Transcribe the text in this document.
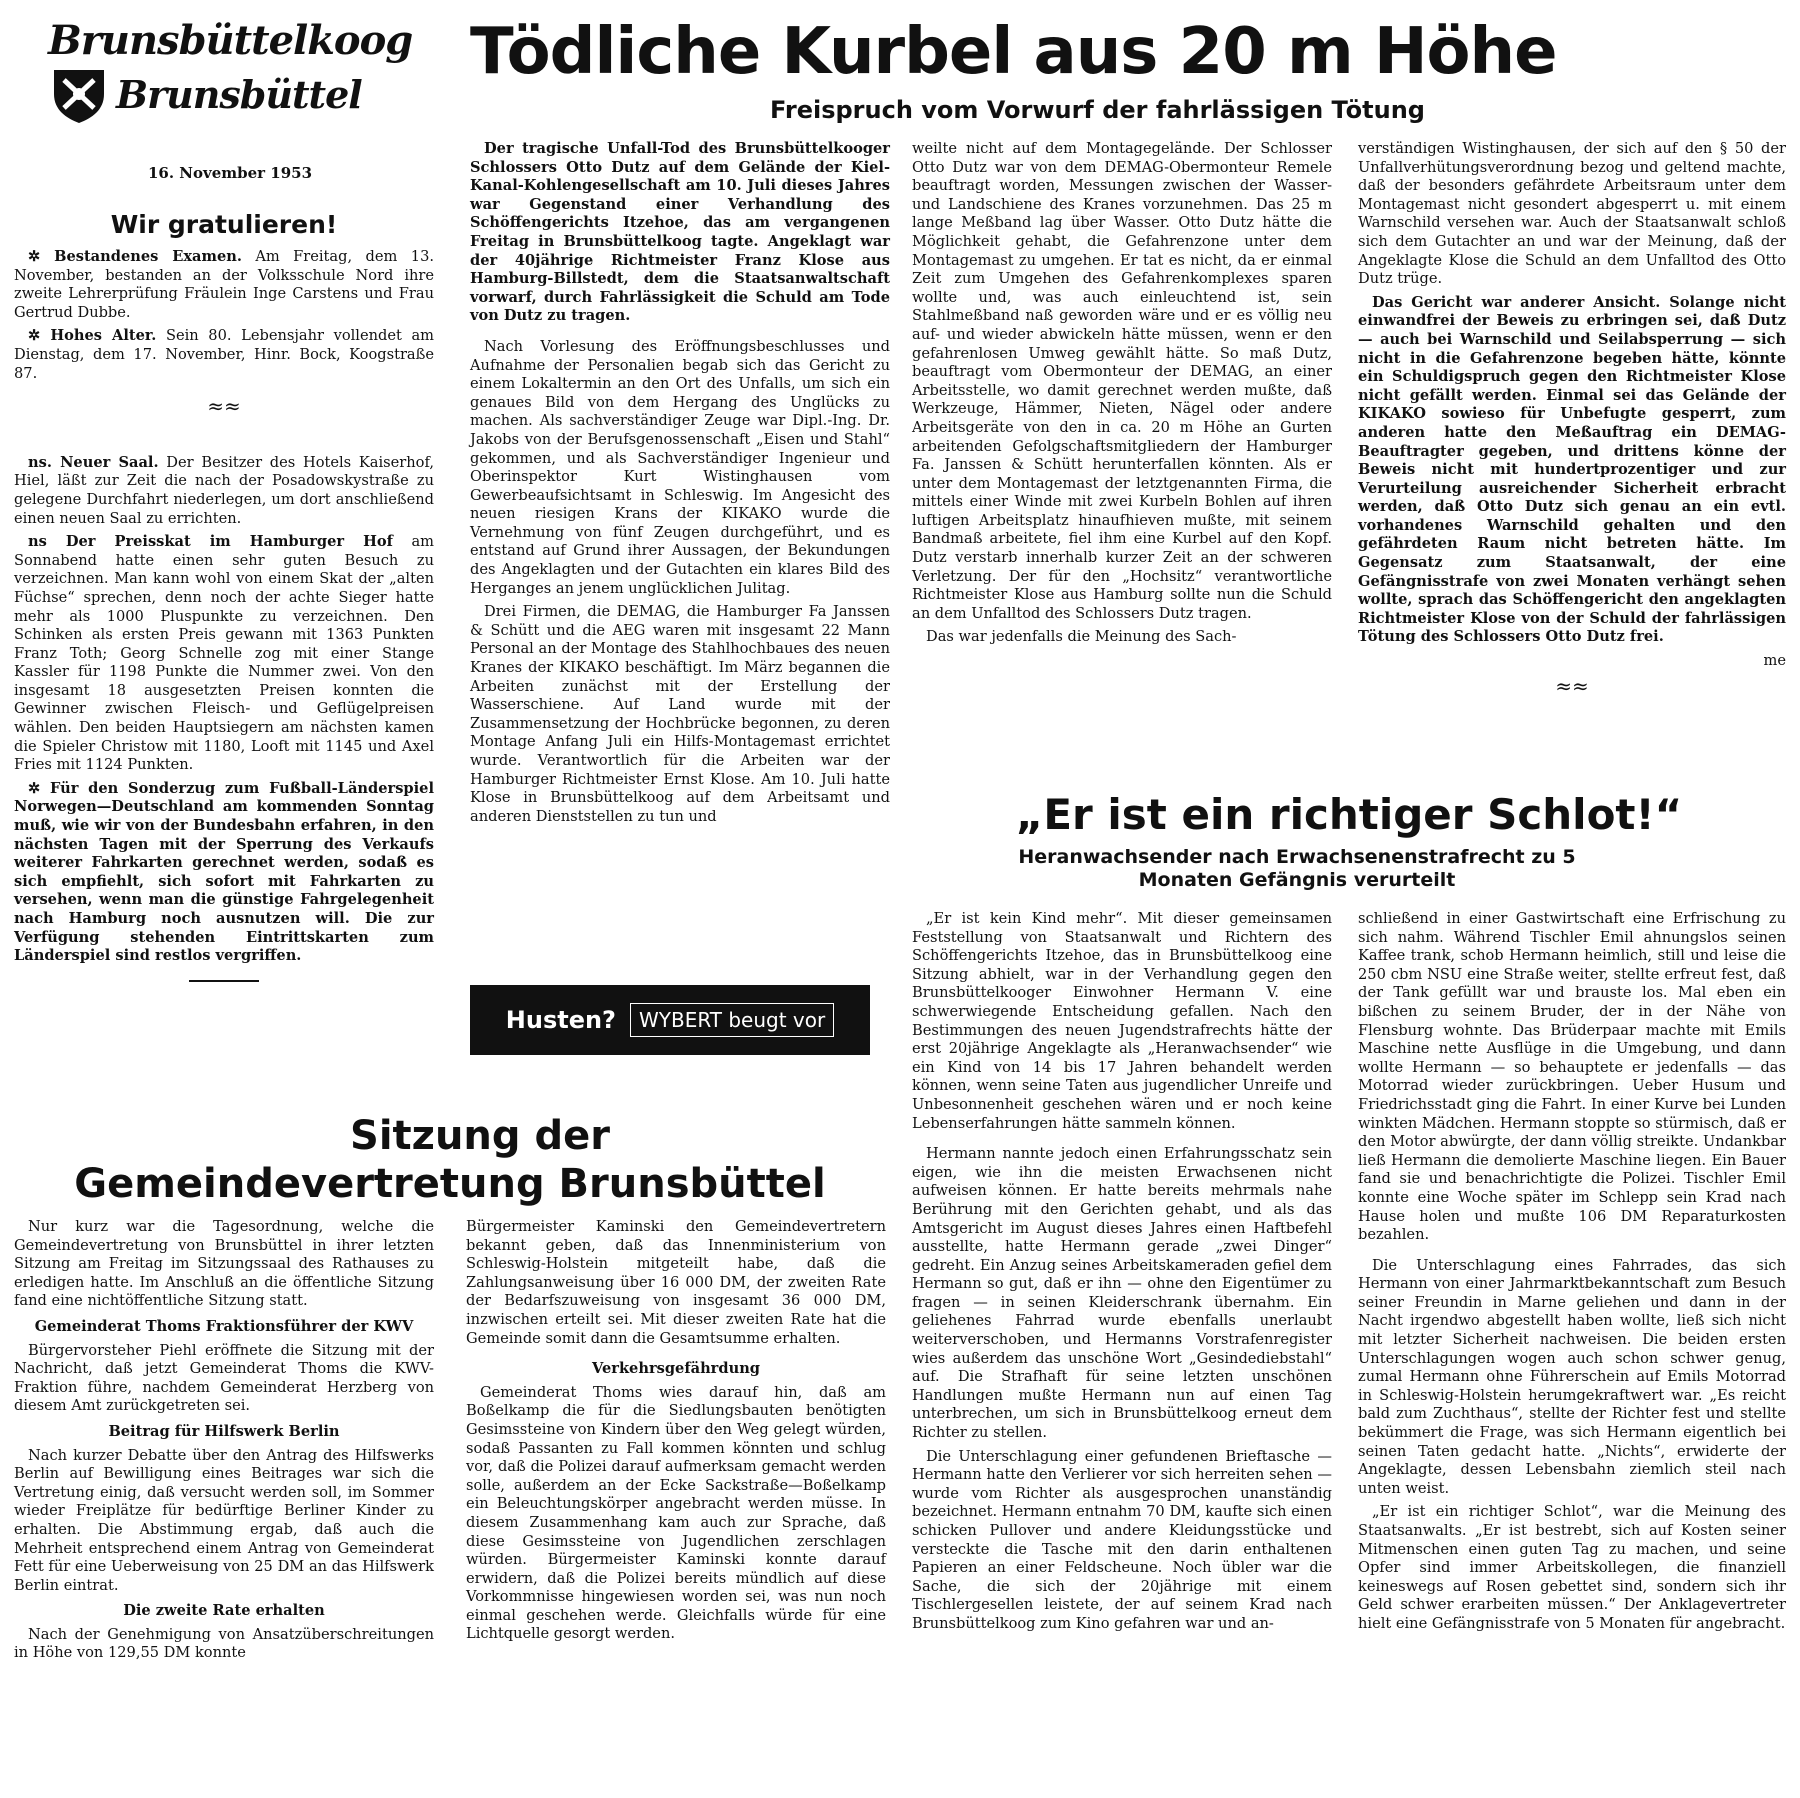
Brunsbüttelkoog
Brunsbüttel
16. November 1953
Wir gratulieren!

✲ Bestandenes Examen. Am Freitag, dem 13. November, bestanden an der Volksschule Nord ihre zweite Lehrerprüfung Fräulein Inge Carstens und Frau Gertrud Dubbe.

✲ Hohes Alter. Sein 80. Lebensjahr vollendet am Dienstag, dem 17. November, Hinr. Bock, Koogstraße 87.

≈≈

ns. Neuer Saal. Der Besitzer des Hotels Kaiserhof, Hiel, läßt zur Zeit die nach der Posadowskystraße zu gelegene Durchfahrt niederlegen, um dort anschließend einen neuen Saal zu errichten.

ns Der Preisskat im Hamburger Hof am Sonnabend hatte einen sehr guten Besuch zu verzeichnen. Man kann wohl von einem Skat der „alten Füchse“ sprechen, denn noch der achte Sieger hatte mehr als 1000 Pluspunkte zu verzeichnen. Den Schinken als ersten Preis gewann mit 1363 Punkten Franz Toth; Georg Schnelle zog mit einer Stange Kassler für 1198 Punkte die Nummer zwei. Von den insgesamt 18 ausgesetzten Preisen konnten die Gewinner zwischen Fleisch- und Geflügelpreisen wählen. Den beiden Hauptsiegern am nächsten kamen die Spieler Christow mit 1180, Looft mit 1145 und Axel Fries mit 1124 Punkten.

✲ Für den Sonderzug zum Fußball-Länderspiel Norwegen—Deutschland am kommenden Sonntag muß, wie wir von der Bundesbahn erfahren, in den nächsten Tagen mit der Sperrung des Verkaufs weiterer Fahrkarten gerechnet werden, sodaß es sich empfiehlt, sich sofort mit Fahrkarten zu versehen, wenn man die günstige Fahrgelegenheit nach Hamburg noch ausnutzen will. Die zur Verfügung stehenden Eintrittskarten zum Länderspiel sind restlos vergriffen.

Tödliche Kurbel aus 20 m Höhe
Freispruch vom Vorwurf der fahrlässigen Tötung

Der tragische Unfall-Tod des Brunsbüttelkooger Schlossers Otto Dutz auf dem Gelände der Kiel-Kanal-Kohlengesellschaft am 10. Juli dieses Jahres war Gegenstand einer Verhandlung des Schöffengerichts Itzehoe, das am vergangenen Freitag in Brunsbüttelkoog tagte. Angeklagt war der 40jährige Richtmeister Franz Klose aus Hamburg-Billstedt, dem die Staatsanwaltschaft vorwarf, durch Fahrlässigkeit die Schuld am Tode von Dutz zu tragen.

Nach Vorlesung des Eröffnungsbeschlusses und Aufnahme der Personalien begab sich das Gericht zu einem Lokaltermin an den Ort des Unfalls, um sich ein genaues Bild von dem Hergang des Unglücks zu machen. Als sachverständiger Zeuge war Dipl.-Ing. Dr. Jakobs von der Berufsgenossenschaft „Eisen und Stahl“ gekommen, und als Sachverständiger Ingenieur und Oberinspektor Kurt Wistinghausen vom Gewerbeaufsichtsamt in Schleswig. Im Angesicht des neuen riesigen Krans der KIKAKO wurde die Vernehmung von fünf Zeugen durchgeführt, und es entstand auf Grund ihrer Aussagen, der Bekundungen des Angeklagten und der Gutachten ein klares Bild des Herganges an jenem unglücklichen Julitag.

Drei Firmen, die DEMAG, die Hamburger Fa Janssen & Schütt und die AEG waren mit insgesamt 22 Mann Personal an der Montage des Stahlhochbaues des neuen Kranes der KIKAKO beschäftigt. Im März begannen die Arbeiten zunächst mit der Erstellung der Wasserschiene. Auf Land wurde mit der Zusammensetzung der Hochbrücke begonnen, zu deren Montage Anfang Juli ein Hilfs-Montagemast errichtet wurde. Verantwortlich für die Arbeiten war der Hamburger Richtmeister Ernst Klose. Am 10. Juli hatte Klose in Brunsbüttelkoog auf dem Arbeitsamt und anderen Dienststellen zu tun und

weilte nicht auf dem Montagegelände. Der Schlosser Otto Dutz war von dem DEMAG-Obermonteur Remele beauftragt worden, Messungen zwischen der Wasser- und Landschiene des Kranes vorzunehmen. Das 25 m lange Meßband lag über Wasser. Otto Dutz hätte die Möglichkeit gehabt, die Gefahrenzone unter dem Montagemast zu umgehen. Er tat es nicht, da er einmal Zeit zum Umgehen des Gefahrenkomplexes sparen wollte und, was auch einleuchtend ist, sein Stahlmeßband naß geworden wäre und er es völlig neu auf- und wieder abwickeln hätte müssen, wenn er den gefahrenlosen Umweg gewählt hätte. So maß Dutz, beauftragt vom Obermonteur der DEMAG, an einer Arbeitsstelle, wo damit gerechnet werden mußte, daß Werkzeuge, Hämmer, Nieten, Nägel oder andere Arbeitsgeräte von den in ca. 20 m Höhe an Gurten arbeitenden Gefolgschaftsmitgliedern der Hamburger Fa. Janssen & Schütt herunterfallen könnten. Als er unter dem Montagemast der letztgenannten Firma, die mittels einer Winde mit zwei Kurbeln Bohlen auf ihren luftigen Arbeitsplatz hinaufhieven mußte, mit seinem Bandmaß arbeitete, fiel ihm eine Kurbel auf den Kopf. Dutz verstarb innerhalb kurzer Zeit an der schweren Verletzung. Der für den „Hochsitz“ verantwortliche Richtmeister Klose aus Hamburg sollte nun die Schuld an dem Unfalltod des Schlossers Dutz tragen.

Das war jedenfalls die Meinung des Sach-

verständigen Wistinghausen, der sich auf den § 50 der Unfallverhütungsverordnung bezog und geltend machte, daß der besonders gefährdete Arbeitsraum unter dem Montagemast nicht gesondert abgesperrt u. mit einem Warnschild versehen war. Auch der Staatsanwalt schloß sich dem Gutachter an und war der Meinung, daß der Angeklagte Klose die Schuld an dem Unfalltod des Otto Dutz trüge.

Das Gericht war anderer Ansicht. Solange nicht einwandfrei der Beweis zu erbringen sei, daß Dutz — auch bei Warnschild und Seilabsperrung — sich nicht in die Gefahrenzone begeben hätte, könnte ein Schuldigspruch gegen den Richtmeister Klose nicht gefällt werden. Einmal sei das Gelände der KIKAKO sowieso für Unbefugte gesperrt, zum anderen hatte den Meßauftrag ein DEMAG-Beauftragter gegeben, und drittens könne der Beweis nicht mit hundertprozentiger und zur Verurteilung ausreichender Sicherheit erbracht werden, daß Otto Dutz sich genau an ein evtl. vorhandenes Warnschild gehalten und den gefährdeten Raum nicht betreten hätte. Im Gegensatz zum Staatsanwalt, der eine Gefängnisstrafe von zwei Monaten verhängt sehen wollte, sprach das Schöffengericht den angeklagten Richtmeister Klose von der Schuld der fahrlässigen Tötung des Schlossers Otto Dutz frei.

me
≈≈
Husten?	WYBERT beugt vor
Sitzung der
Gemeindevertretung Brunsbüttel

Nur kurz war die Tagesordnung, welche die Gemeindevertretung von Brunsbüttel in ihrer letzten Sitzung am Freitag im Sitzungssaal des Rathauses zu erledigen hatte. Im Anschluß an die öffentliche Sitzung fand eine nichtöffentliche Sitzung statt.

Gemeinderat Thoms Fraktionsführer der KWV

Bürgervorsteher Piehl eröffnete die Sitzung mit der Nachricht, daß jetzt Gemeinderat Thoms die KWV-Fraktion führe, nachdem Gemeinderat Herzberg von diesem Amt zurückgetreten sei.

Beitrag für Hilfswerk Berlin

Nach kurzer Debatte über den Antrag des Hilfswerks Berlin auf Bewilligung eines Beitrages war sich die Vertretung einig, daß versucht werden soll, im Sommer wieder Freiplätze für bedürftige Berliner Kinder zu erhalten. Die Abstimmung ergab, daß auch die Mehrheit entsprechend einem Antrag von Gemeinderat Fett für eine Ueberweisung von 25 DM an das Hilfswerk Berlin eintrat.

Die zweite Rate erhalten

Nach der Genehmigung von Ansatzüberschreitungen in Höhe von 129,55 DM konnte

Bürgermeister Kaminski den Gemeindevertretern bekannt geben, daß das Innenministerium von Schleswig-Holstein mitgeteilt habe, daß die Zahlungsanweisung über 16 000 DM, der zweiten Rate der Bedarfszuweisung von insgesamt 36 000 DM, inzwischen erteilt sei. Mit dieser zweiten Rate hat die Gemeinde somit dann die Gesamtsumme erhalten.

Verkehrsgefährdung

Gemeinderat Thoms wies darauf hin, daß am Boßelkamp die für die Siedlungsbauten benötigten Gesimssteine von Kindern über den Weg gelegt würden, sodaß Passanten zu Fall kommen könnten und schlug vor, daß die Polizei darauf aufmerksam gemacht werden solle, außerdem an der Ecke Sackstraße—Boßelkamp ein Beleuchtungskörper angebracht werden müsse. In diesem Zusammenhang kam auch zur Sprache, daß diese Gesimssteine von Jugendlichen zerschlagen würden. Bürgermeister Kaminski konnte darauf erwidern, daß die Polizei bereits mündlich auf diese Vorkommnisse hingewiesen worden sei, was nun noch einmal geschehen werde. Gleichfalls würde für eine Lichtquelle gesorgt werden.

„Er ist ein richtiger Schlot!“
Heranwachsender nach Erwachsenenstrafrecht zu 5 Monaten Gefängnis verurteilt

„Er ist kein Kind mehr“. Mit dieser gemeinsamen Feststellung von Staatsanwalt und Richtern des Schöffengerichts Itzehoe, das in Brunsbüttelkoog eine Sitzung abhielt, war in der Verhandlung gegen den Brunsbüttelkooger Einwohner Hermann V. eine schwerwiegende Entscheidung gefallen. Nach den Bestimmungen des neuen Jugendstrafrechts hätte der erst 20jährige Angeklagte als „Heranwachsender“ wie ein Kind von 14 bis 17 Jahren behandelt werden können, wenn seine Taten aus jugendlicher Unreife und Unbesonnenheit geschehen wären und er noch keine Lebenserfahrungen hätte sammeln können.

Hermann nannte jedoch einen Erfahrungsschatz sein eigen, wie ihn die meisten Erwachsenen nicht aufweisen können. Er hatte bereits mehrmals nahe Berührung mit den Gerichten gehabt, und als das Amtsgericht im August dieses Jahres einen Haftbefehl ausstellte, hatte Hermann gerade „zwei Dinger“ gedreht. Ein Anzug seines Arbeitskameraden gefiel dem Hermann so gut, daß er ihn — ohne den Eigentümer zu fragen — in seinen Kleiderschrank übernahm. Ein geliehenes Fahrrad wurde ebenfalls unerlaubt weiterverschoben, und Hermanns Vorstrafenregister wies außerdem das unschöne Wort „Gesindediebstahl“ auf. Die Strafhaft für seine letzten unschönen Handlungen mußte Hermann nun auf einen Tag unterbrechen, um sich in Brunsbüttelkoog erneut dem Richter zu stellen.

Die Unterschlagung einer gefundenen Brieftasche — Hermann hatte den Verlierer vor sich herreiten sehen — wurde vom Richter als ausgesprochen unanständig bezeichnet. Hermann entnahm 70 DM, kaufte sich einen schicken Pullover und andere Kleidungsstücke und versteckte die Tasche mit den darin enthaltenen Papieren an einer Feldscheune. Noch übler war die Sache, die sich der 20jährige mit einem Tischlergesellen leistete, der auf seinem Krad nach Brunsbüttelkoog zum Kino gefahren war und an-

schließend in einer Gastwirtschaft eine Erfrischung zu sich nahm. Während Tischler Emil ahnungslos seinen Kaffee trank, schob Hermann heimlich, still und leise die 250 cbm NSU eine Straße weiter, stellte erfreut fest, daß der Tank gefüllt war und brauste los. Mal eben ein bißchen zu seinem Bruder, der in der Nähe von Flensburg wohnte. Das Brüderpaar machte mit Emils Maschine nette Ausflüge in die Umgebung, und dann wollte Hermann — so behauptete er jedenfalls — das Motorrad wieder zurückbringen. Ueber Husum und Friedrichsstadt ging die Fahrt. In einer Kurve bei Lunden winkten Mädchen. Hermann stoppte so stürmisch, daß er den Motor abwürgte, der dann völlig streikte. Undankbar ließ Hermann die demolierte Maschine liegen. Ein Bauer fand sie und benachrichtigte die Polizei. Tischler Emil konnte eine Woche später im Schlepp sein Krad nach Hause holen und mußte 106 DM Reparaturkosten bezahlen.

Die Unterschlagung eines Fahrrades, das sich Hermann von einer Jahrmarktbekanntschaft zum Besuch seiner Freundin in Marne geliehen und dann in der Nacht irgendwo abgestellt haben wollte, ließ sich nicht mit letzter Sicherheit nachweisen. Die beiden ersten Unterschlagungen wogen auch schon schwer genug, zumal Hermann ohne Führerschein auf Emils Motorrad in Schleswig-Holstein herumgekraftwert war. „Es reicht bald zum Zuchthaus“, stellte der Richter fest und stellte bekümmert die Frage, was sich Hermann eigentlich bei seinen Taten gedacht hatte. „Nichts“, erwiderte der Angeklagte, dessen Lebensbahn ziemlich steil nach unten weist.

„Er ist ein richtiger Schlot“, war die Meinung des Staatsanwalts. „Er ist bestrebt, sich auf Kosten seiner Mitmenschen einen guten Tag zu machen, und seine Opfer sind immer Arbeitskollegen, die finanziell keineswegs auf Rosen gebettet sind, sondern sich ihr Geld schwer erarbeiten müssen.“ Der Anklagevertreter hielt eine Gefängnisstrafe von 5 Monaten für angebracht.
